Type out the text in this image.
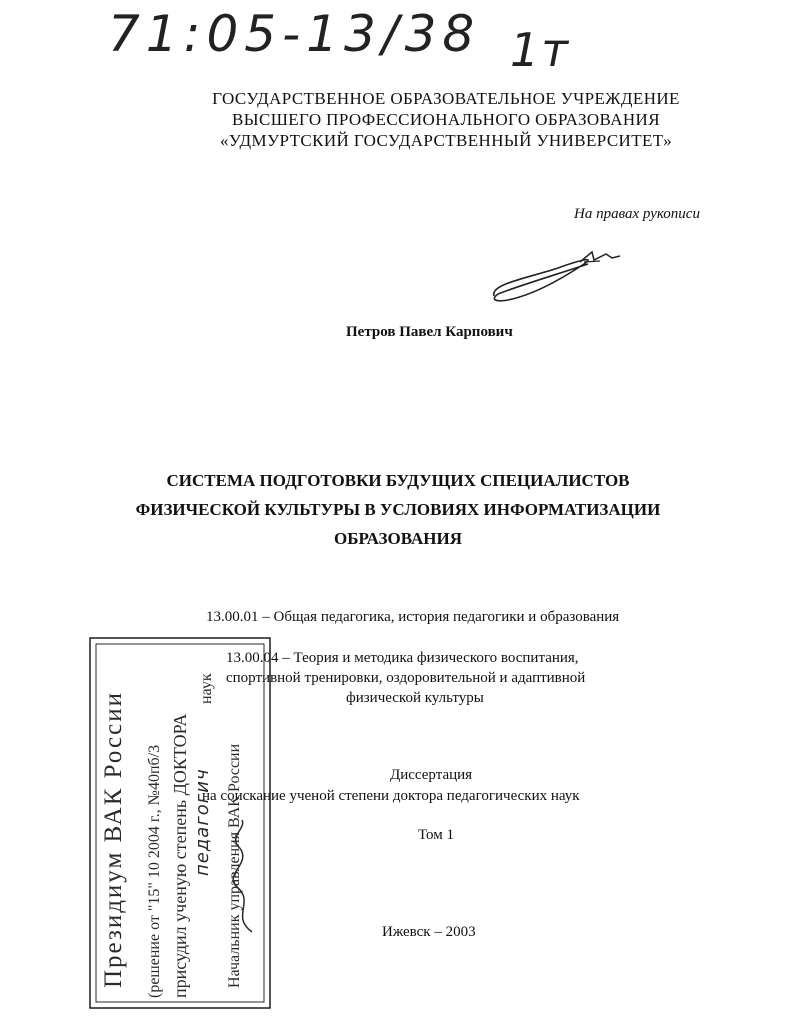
71:05-13/38 1т
ГОСУДАРСТВЕННОЕ ОБРАЗОВАТЕЛЬНОЕ УЧРЕЖДЕНИЕ
ВЫСШЕГО ПРОФЕССИОНАЛЬНОГО ОБРАЗОВАНИЯ
«УДМУРТСКИЙ ГОСУДАРСТВЕННЫЙ УНИВЕРСИТЕТ»
На правах рукописи
Петров Павел Карпович
СИСТЕМА ПОДГОТОВКИ БУДУЩИХ СПЕЦИАЛИСТОВ
ФИЗИЧЕСКОЙ КУЛЬТУРЫ В УСЛОВИЯХ ИНФОРМАТИЗАЦИИ
ОБРАЗОВАНИЯ
13.00.01 – Общая педагогика, история педагогики и образования
13.00.04 – Теория и методика физического воспитания,
спортивной тренировки, оздоровительной и адаптивной
физической культуры
Диссертация
на соискание ученой степени доктора педагогических наук
Том 1
Ижевск – 2003
Президиум ВАК России (решение от "15" 10 2004 г., №40пб/3 присудил ученую степень ДОКТОРА педагогич
наук
Начальник управления ВАК России
